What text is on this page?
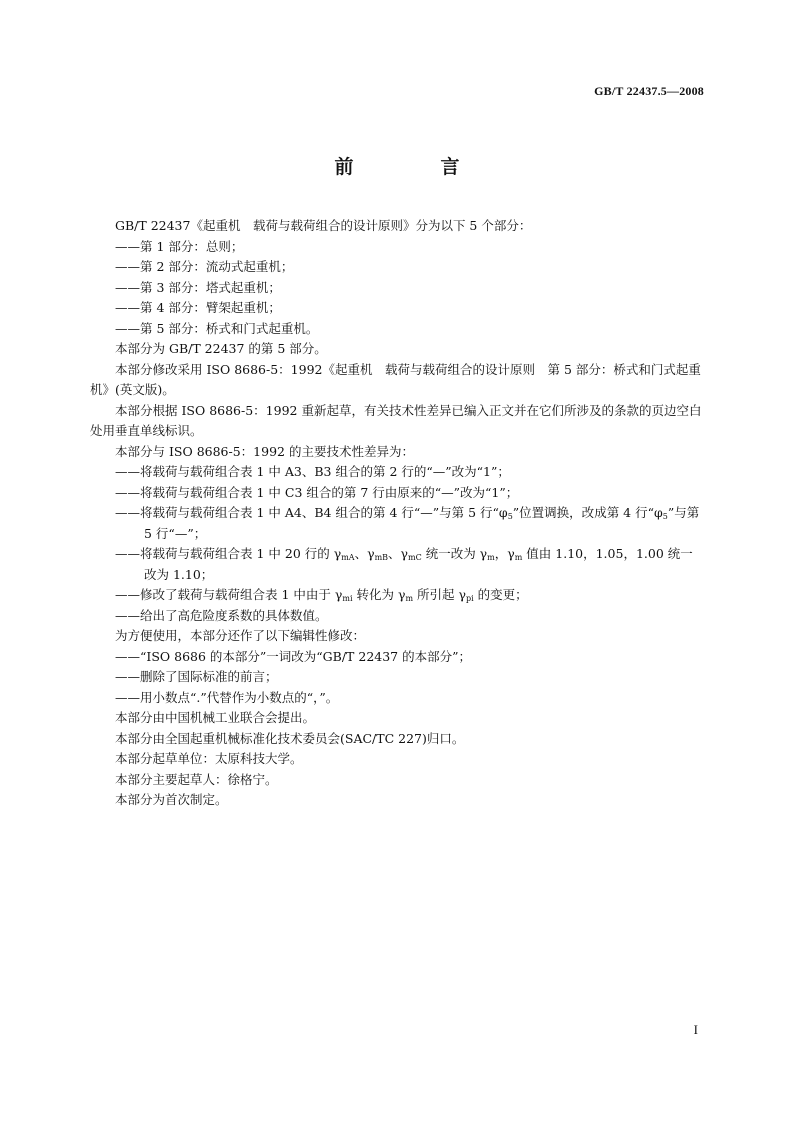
GB/T 22437.5—2008
前　言

GB/T 22437《起重机　载荷与载荷组合的设计原则》分为以下 5 个部分：

——第 1 部分：总则；

——第 2 部分：流动式起重机；

——第 3 部分：塔式起重机；

——第 4 部分：臂架起重机；

——第 5 部分：桥式和门式起重机。

本部分为 GB/T 22437 的第 5 部分。

本部分修改采用 ISO 8686-5：1992《起重机　载荷与载荷组合的设计原则　第 5 部分：桥式和门式起重机》(英文版)。

本部分根据 ISO 8686-5：1992 重新起草，有关技术性差异已编入正文并在它们所涉及的条款的页边空白处用垂直单线标识。

本部分与 ISO 8686-5：1992 的主要技术性差异为：

——将载荷与载荷组合表 1 中 A3、B3 组合的第 2 行的“—”改为“1”；

——将载荷与载荷组合表 1 中 C3 组合的第 7 行由原来的“—”改为“1”；

——将载荷与载荷组合表 1 中 A4、B4 组合的第 4 行“—”与第 5 行“$\varphi_5$”位置调换，改成第 4 行“$\varphi_5$”与第 5 行“—”；

——将载荷与载荷组合表 1 中 20 行的 $\gamma_{mA}$、$\gamma_{mB}$、$\gamma_{mC}$ 统一改为 $\gamma_m$，$\gamma_m$ 值由 1.10，1.05，1.00 统一改为 1.10；

——修改了载荷与载荷组合表 1 中由于 $\gamma_{mi}$ 转化为 $\gamma_m$ 所引起 $\gamma_{pi}$ 的变更；

——给出了高危险度系数的具体数值。

为方便使用，本部分还作了以下编辑性修改：

——“ISO 8686 的本部分”一词改为“GB/T 22437 的本部分”；

——删除了国际标准的前言；

——用小数点“.”代替作为小数点的“，”。

本部分由中国机械工业联合会提出。

本部分由全国起重机械标准化技术委员会(SAC/TC 227)归口。

本部分起草单位：太原科技大学。

本部分主要起草人：徐格宁。

本部分为首次制定。

I
